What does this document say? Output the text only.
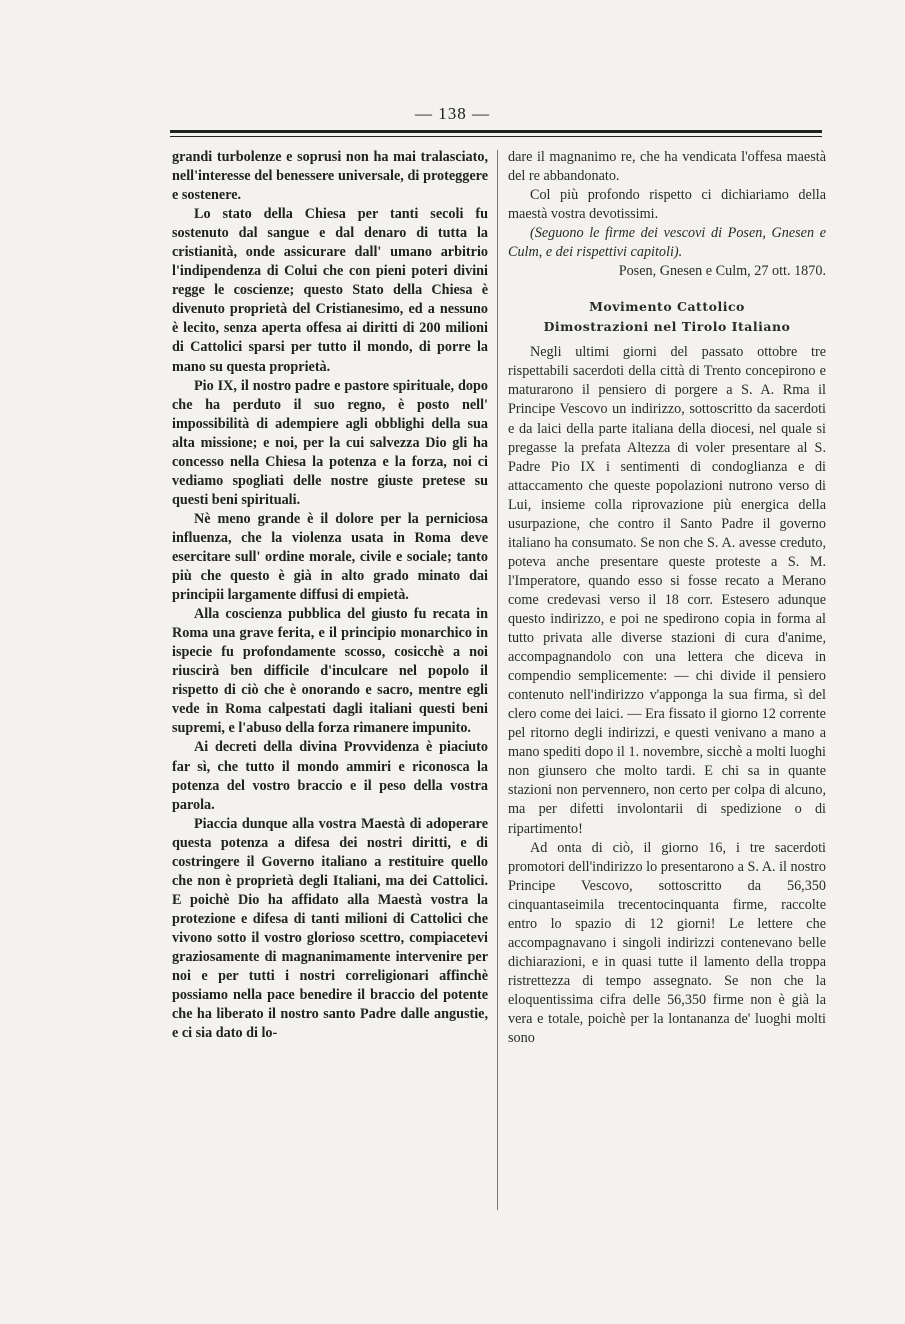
— 138 —

grandi turbolenze e soprusi non ha mai tralasciato, nell'interesse del benessere universale, di proteggere e sostenere.

Lo stato della Chiesa per tanti secoli fu sostenuto dal sangue e dal denaro di tutta la cristianità, onde assicurare dall' umano arbitrio l'indipendenza di Colui che con pieni poteri divini regge le coscienze; questo Stato della Chiesa è divenuto proprietà del Cristianesimo, ed a nessuno è lecito, senza aperta offesa ai diritti di 200 milioni di Cattolici sparsi per tutto il mondo, di porre la mano su questa proprietà.

Pio IX, il nostro padre e pastore spirituale, dopo che ha perduto il suo regno, è posto nell' impossibilità di adempiere agli obblighi della sua alta missione; e noi, per la cui salvezza Dio gli ha concesso nella Chiesa la potenza e la forza, noi ci vediamo spogliati delle nostre giuste pretese su questi beni spirituali.

Nè meno grande è il dolore per la perniciosa influenza, che la violenza usata in Roma deve esercitare sull' ordine morale, civile e sociale; tanto più che questo è già in alto grado minato dai principii largamente diffusi di empietà.

Alla coscienza pubblica del giusto fu recata in Roma una grave ferita, e il principio monarchico in ispecie fu profondamente scosso, cosicchè a noi riuscirà ben difficile d'inculcare nel popolo il rispetto di ciò che è onorando e sacro, mentre egli vede in Roma calpestati dagli italiani questi beni supremi, e l'abuso della forza rimanere impunito.

Ai decreti della divina Provvidenza è piaciuto far sì, che tutto il mondo ammiri e riconosca la potenza del vostro braccio e il peso della vostra parola.

Piaccia dunque alla vostra Maestà di adoperare questa potenza a difesa dei nostri diritti, e di costringere il Governo italiano a restituire quello che non è proprietà degli Italiani, ma dei Cattolici. E poichè Dio ha affidato alla Maestà vostra la protezione e difesa di tanti milioni di Cattolici che vivono sotto il vostro glorioso scettro, compiacetevi graziosamente di magnanimamente intervenire per noi e per tutti i nostri correligionari affinchè possiamo nella pace benedire il braccio del potente che ha liberato il nostro santo Padre dalle angustie, e ci sia dato di lo-

dare il magnanimo re, che ha vendicata l'offesa maestà del re abbandonato.

Col più profondo rispetto ci dichiariamo della maestà vostra devotissimi.

(Seguono le firme dei vescovi di Posen, Gnesen e Culm, e dei rispettivi capitoli).

Posen, Gnesen e Culm, 27 ott. 1870.

Movimento Cattolico
Dimostrazioni nel Tirolo Italiano

Negli ultimi giorni del passato ottobre tre rispettabili sacerdoti della città di Trento concepirono e maturarono il pensiero di porgere a S. A. Rma il Principe Vescovo un indirizzo, sottoscritto da sacerdoti e da laici della parte italiana della diocesi, nel quale si pregasse la prefata Altezza di voler presentare al S. Padre Pio IX i sentimenti di condoglianza e di attaccamento che queste popolazioni nutrono verso di Lui, insieme colla riprovazione più energica della usurpazione, che contro il Santo Padre il governo italiano ha consumato. Se non che S. A. avesse creduto, poteva anche presentare queste proteste a S. M. l'Imperatore, quando esso si fosse recato a Merano come credevasi verso il 18 corr. Estesero adunque questo indirizzo, e poi ne spedirono copia in forma al tutto privata alle diverse stazioni di cura d'anime, accompagnandolo con una lettera che diceva in compendio semplicemente: — chi divide il pensiero contenuto nell'indirizzo v'apponga la sua firma, sì del clero come dei laici. — Era fissato il giorno 12 corrente pel ritorno degli indirizzi, e questi venivano a mano a mano spediti dopo il 1. novembre, sicchè a molti luoghi non giunsero che molto tardi. E chi sa in quante stazioni non pervennero, non certo per colpa di alcuno, ma per difetti involontarii di spedizione o di ripartimento!

Ad onta di ciò, il giorno 16, i tre sacerdoti promotori dell'indirizzo lo presentarono a S. A. il nostro Principe Vescovo, sottoscritto da 56,350 cinquantaseimila trecentocinquanta firme, raccolte entro lo spazio di 12 giorni! Le lettere che accompagnavano i singoli indirizzi contenevano belle dichiarazioni, e in quasi tutte il lamento della troppa ristrettezza di tempo assegnato. Se non che la eloquentissima cifra delle 56,350 firme non è già la vera e totale, poichè per la lontananza de' luoghi molti sono
